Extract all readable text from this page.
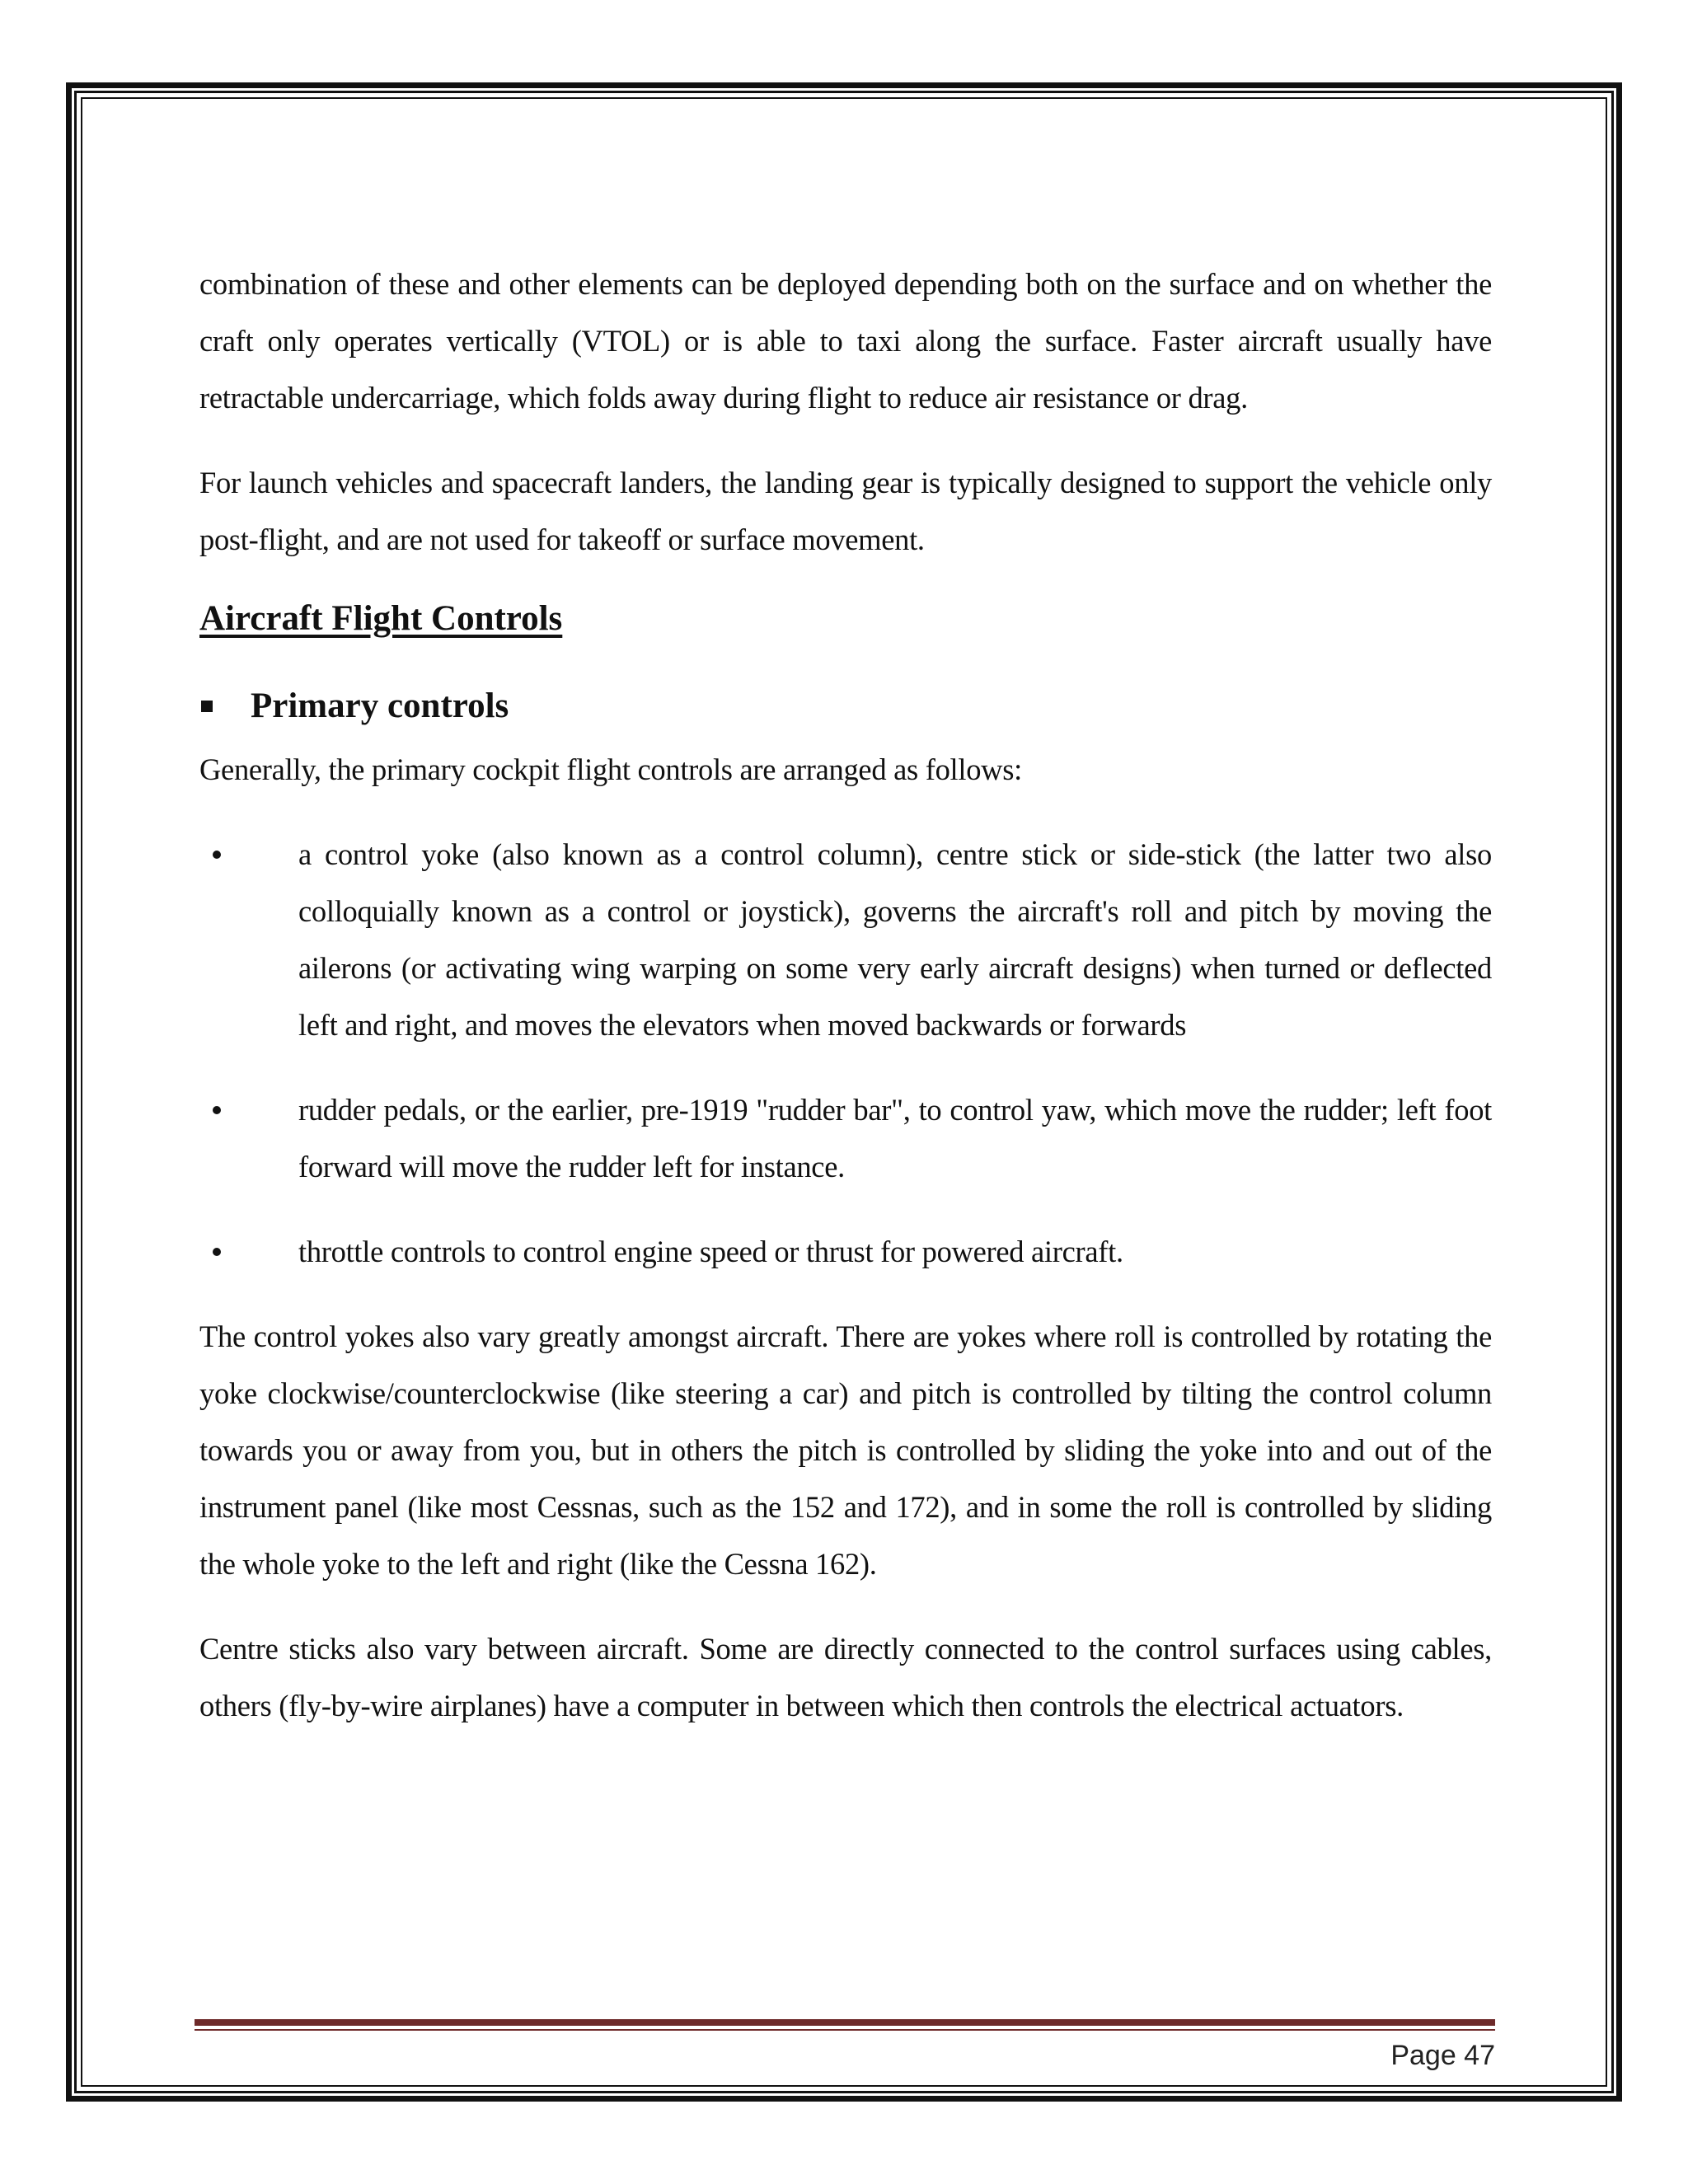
combination of these and other elements can be deployed depending both on the surface and on whether the craft only operates vertically (VTOL) or is able to taxi along the surface. Faster aircraft usually have retractable undercarriage, which folds away during flight to reduce air resistance or drag.

For launch vehicles and spacecraft landers, the landing gear is typically designed to support the vehicle only post-flight, and are not used for takeoff or surface movement.

Aircraft Flight Controls
Primary controls

Generally, the primary cockpit flight controls are arranged as follows:

a control yoke (also known as a control column), centre stick or side-stick (the latter two also colloquially known as a control or joystick), governs the aircraft's roll and pitch by moving the ailerons (or activating wing warping on some very early aircraft designs) when turned or deflected left and right, and moves the elevators when moved backwards or forwards
rudder pedals, or the earlier, pre-1919 "rudder bar", to control yaw, which move the rudder; left foot forward will move the rudder left for instance.
throttle controls to control engine speed or thrust for powered aircraft.

The control yokes also vary greatly amongst aircraft. There are yokes where roll is controlled by rotating the yoke clockwise/counterclockwise (like steering a car) and pitch is controlled by tilting the control column towards you or away from you, but in others the pitch is controlled by sliding the yoke into and out of the instrument panel (like most Cessnas, such as the 152 and 172), and in some the roll is controlled by sliding the whole yoke to the left and right (like the Cessna 162).

Centre sticks also vary between aircraft. Some are directly connected to the control surfaces using cables, others (fly-by-wire airplanes) have a computer in between which then controls the electrical actuators.

Page 47
